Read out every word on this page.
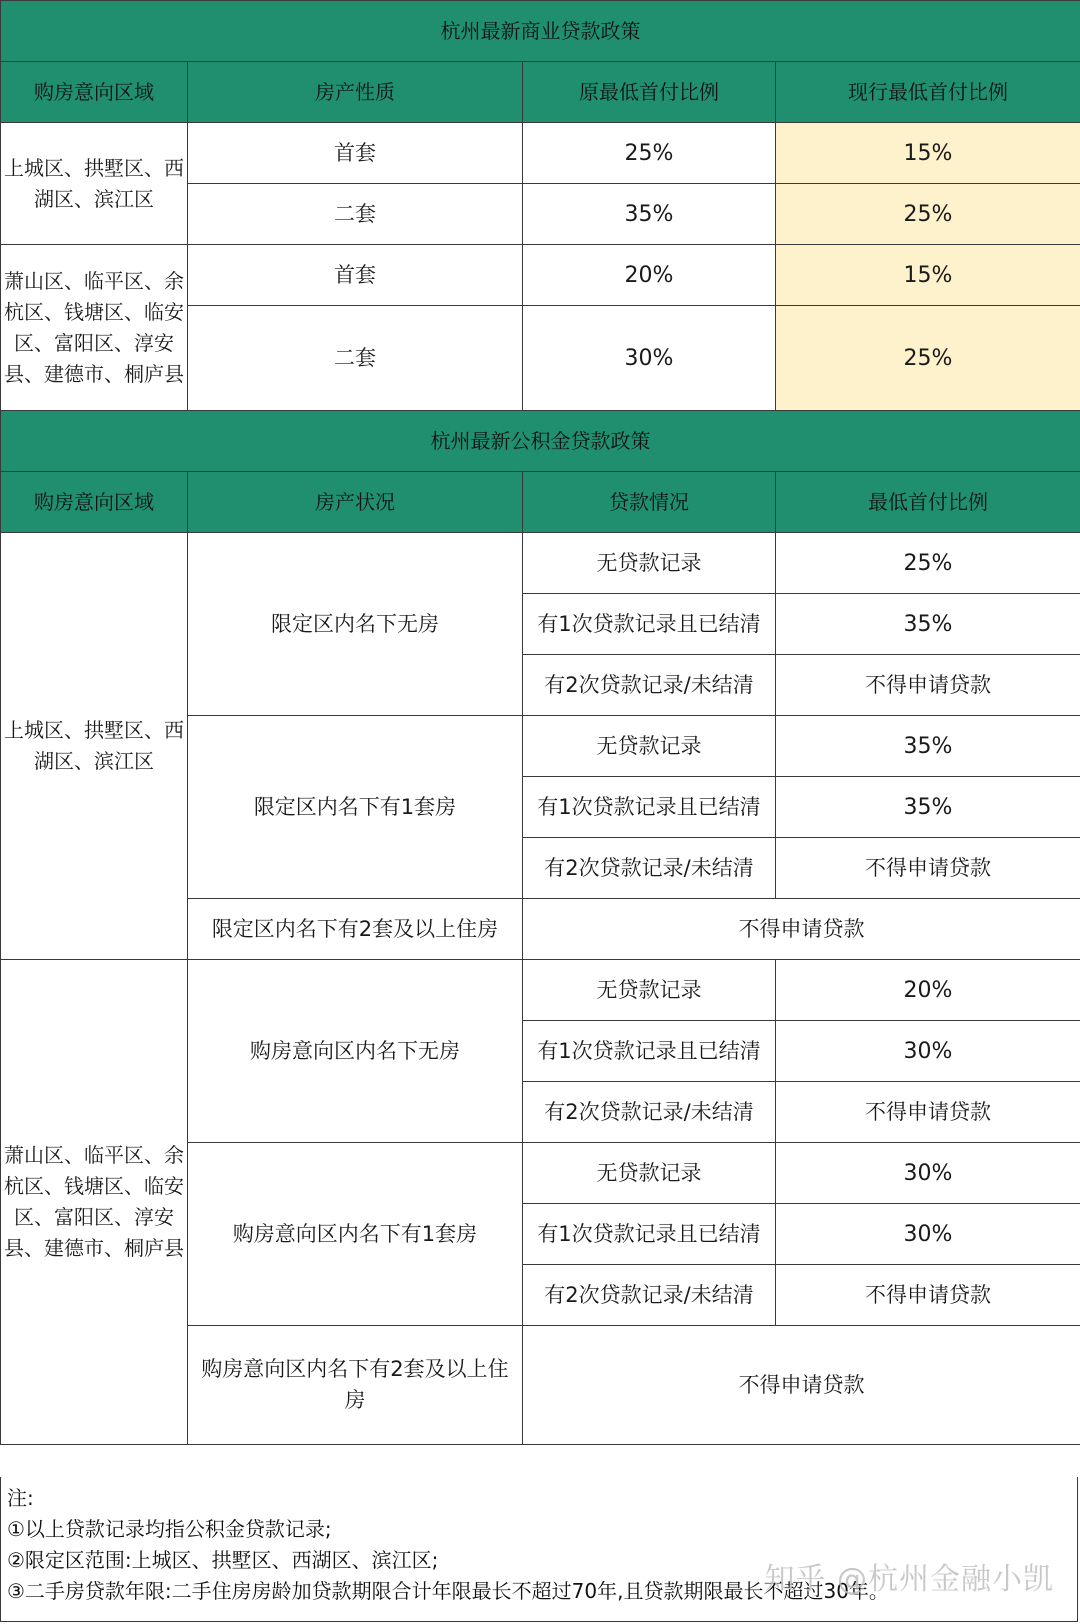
杭州最新商业贷款政策			
购房意向区域	房产性质	原最低首付比例	现行最低首付比例
上城区、拱墅区、西湖区、滨江区	首套	25%	15%
	二套	35%	25%
萧山区、临平区、余杭区、钱塘区、临安区、富阳区、淳安县、建德市、桐庐县	首套	20%	15%
	二套	30%	25%
杭州最新公积金贷款政策			
购房意向区域	房产状况	贷款情况	最低首付比例
上城区、拱墅区、西湖区、滨江区	限定区内名下无房	无贷款记录	25%
		有1次贷款记录且已结清	35%
		有2次贷款记录/未结清	不得申请贷款
	限定区内名下有1套房	无贷款记录	35%
		有1次贷款记录且已结清	35%
		有2次贷款记录/未结清	不得申请贷款
	限定区内名下有2套及以上住房	不得申请贷款	
萧山区、临平区、余杭区、钱塘区、临安区、富阳区、淳安县、建德市、桐庐县	购房意向区内名下无房	无贷款记录	20%
		有1次贷款记录且已结清	30%
		有2次贷款记录/未结清	不得申请贷款
	购房意向区内名下有1套房	无贷款记录	30%
		有1次贷款记录且已结清	30%
		有2次贷款记录/未结清	不得申请贷款
	购房意向区内名下有2套及以上住房	不得申请贷款	
注:
①以上贷款记录均指公积金贷款记录;
②限定区范围:上城区、拱墅区、西湖区、滨江区;
③二手房贷款年限:二手住房房龄加贷款期限合计年限最长不超过70年,且贷款期限最长不超过30年。
知乎 @杭州金融小凯
